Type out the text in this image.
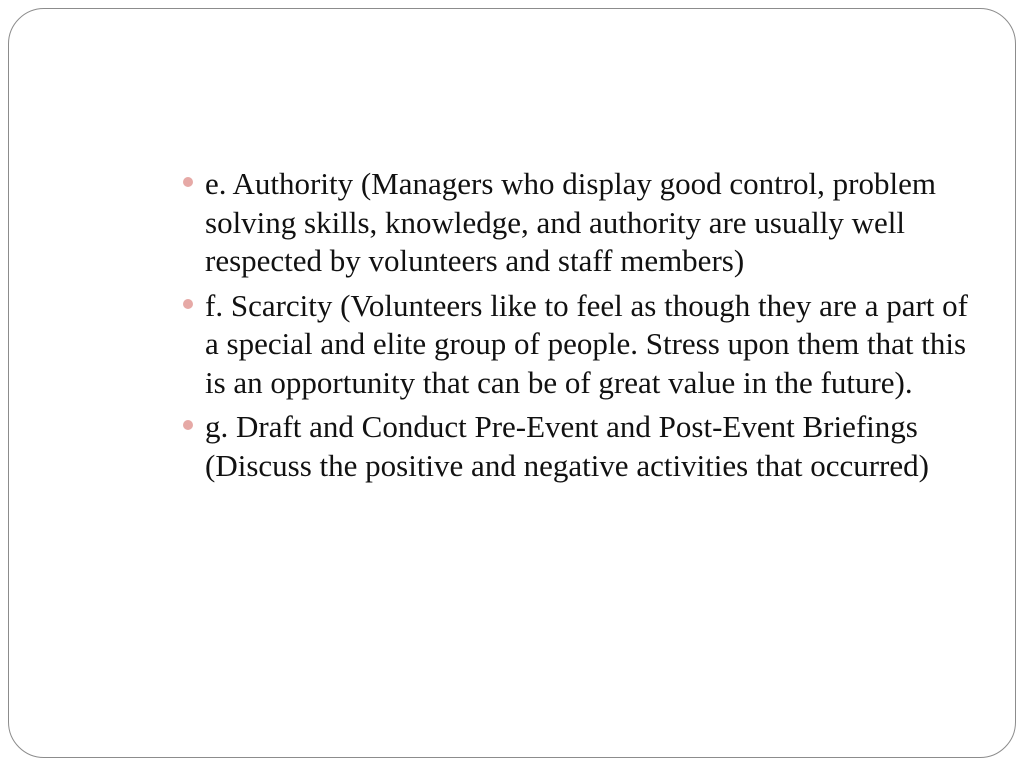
e. Authority (Managers who display good control, problem solving skills, knowledge, and authority are usually well respected by volunteers and staff members)
f. Scarcity (Volunteers like to feel as though they are a part of a special and elite group of people. Stress upon them that this is an opportunity that can be of great value in the future).
g. Draft and Conduct Pre-Event and Post-Event Briefings (Discuss the positive and negative activities that occurred)
